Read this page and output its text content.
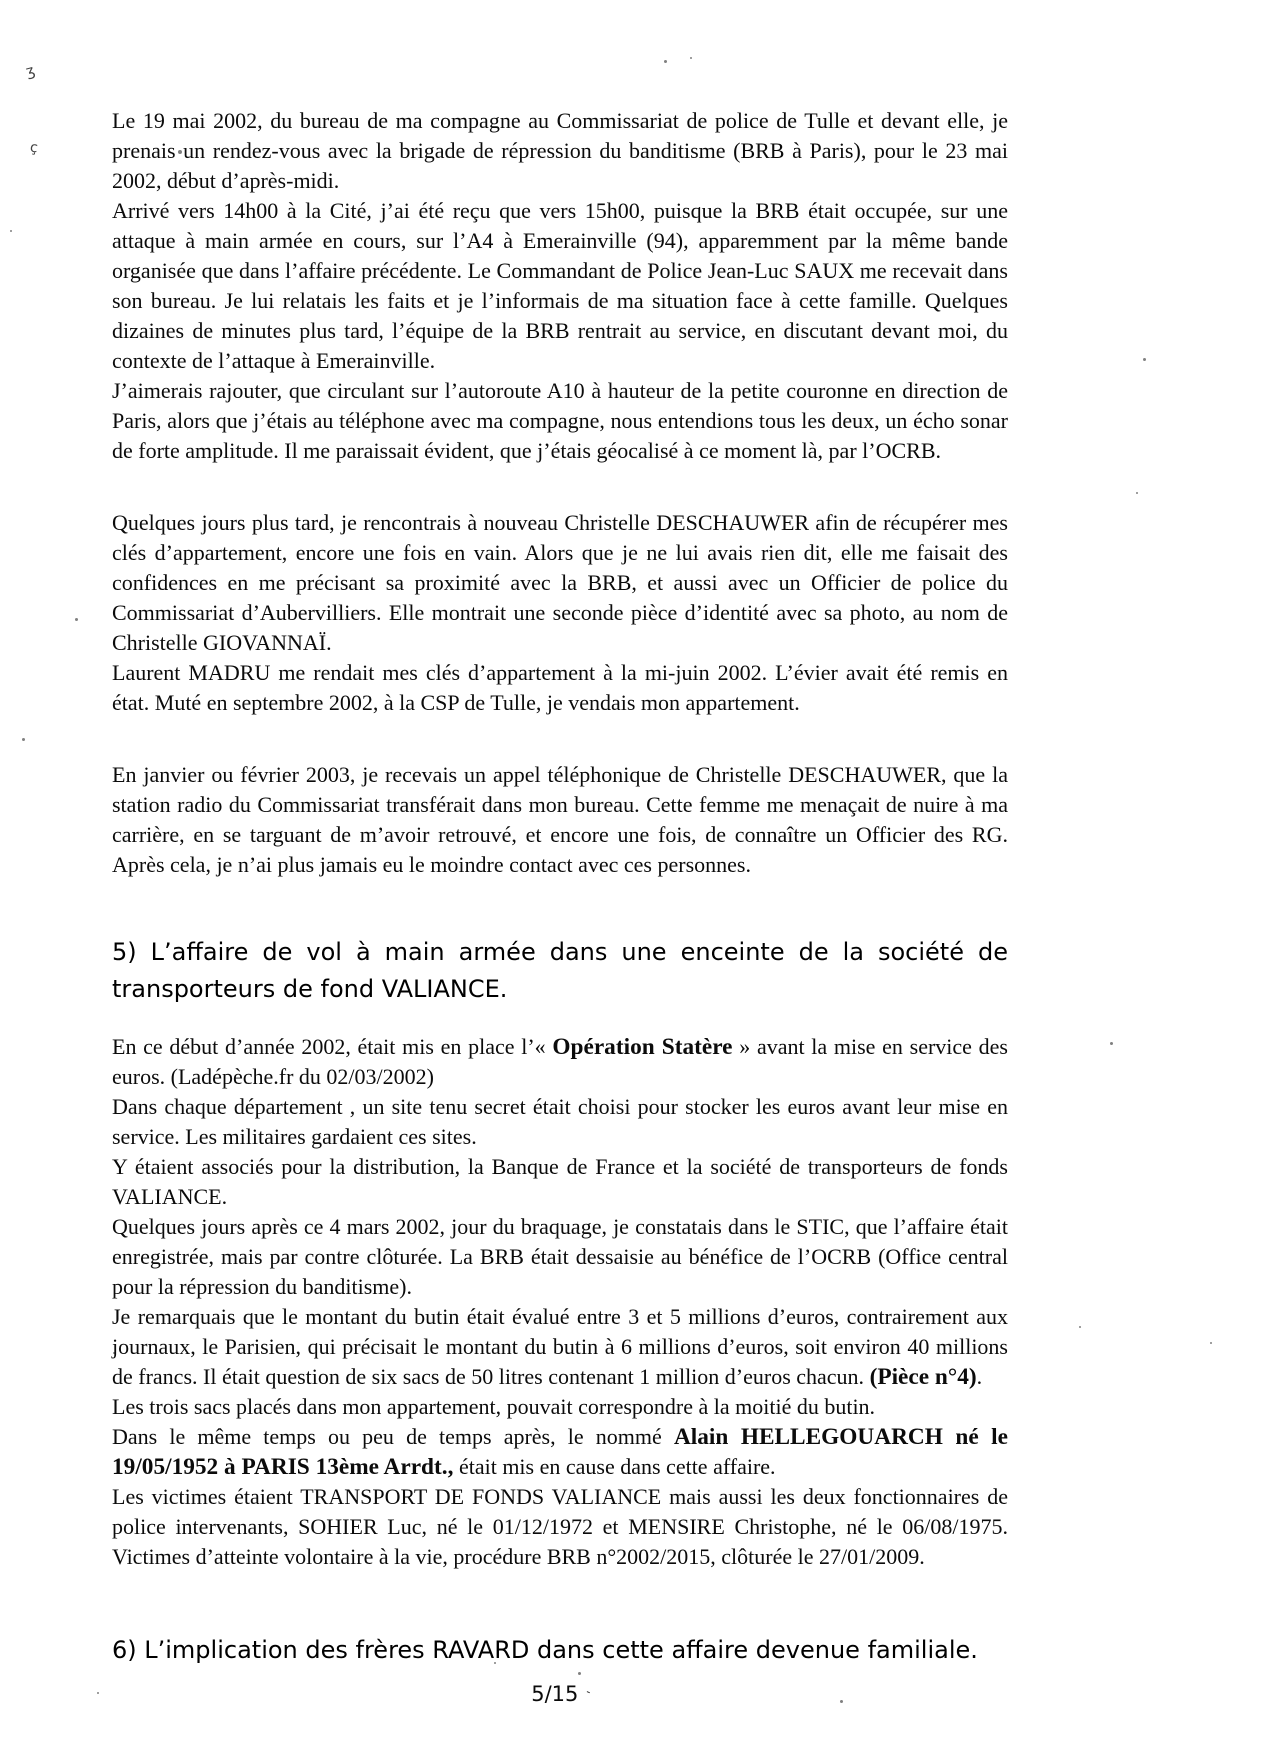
ʒ
ç

Le 19 mai 2002, du bureau de ma compagne au Commissariat de police de Tulle et devant elle, je prenais un rendez-vous avec la brigade de répression du banditisme (BRB à Paris), pour le 23 mai 2002, début d’après-midi.

Arrivé vers 14h00 à la Cité, j’ai été reçu que vers 15h00, puisque la BRB était occupée, sur une attaque à main armée en cours, sur l’A4 à Emerainville (94), apparemment par la même bande organisée que dans l’affaire précédente. Le Commandant de Police Jean-Luc SAUX me recevait dans son bureau. Je lui relatais les faits et je l’informais de ma situation face à cette famille. Quelques dizaines de minutes plus tard, l’équipe de la BRB rentrait au service, en discutant devant moi, du contexte de l’attaque à Emerainville.

J’aimerais rajouter, que circulant sur l’autoroute A10 à hauteur de la petite couronne en direction de Paris, alors que j’étais au téléphone avec ma compagne, nous entendions tous les deux, un écho sonar de forte amplitude. Il me paraissait évident, que j’étais géocalisé à ce moment là, par l’OCRB.

Quelques jours plus tard, je rencontrais à nouveau Christelle DESCHAUWER afin de récupérer mes clés d’appartement, encore une fois en vain. Alors que je ne lui avais rien dit, elle me faisait des confidences en me précisant sa proximité avec la BRB, et aussi avec un Officier de police du Commissariat d’Aubervilliers. Elle montrait une seconde pièce d’identité avec sa photo, au nom de Christelle GIOVANNAÏ.

Laurent MADRU me rendait mes clés d’appartement à la mi-juin 2002. L’évier avait été remis en état. Muté en septembre 2002, à la CSP de Tulle, je vendais mon appartement.

En janvier ou février 2003, je recevais un appel téléphonique de Christelle DESCHAUWER, que la station radio du Commissariat transférait dans mon bureau. Cette femme me menaçait de nuire à ma carrière, en se targuant de m’avoir retrouvé, et encore une fois, de connaître un Officier des RG. Après cela, je n’ai plus jamais eu le moindre contact avec ces personnes.

5) L’affaire de vol à main armée dans une enceinte de la société de transporteurs de fond VALIANCE.

En ce début d’année 2002, était mis en place l’« Opération Statère » avant la mise en service des euros. (Ladépèche.fr du 02/03/2002)

Dans chaque département , un site tenu secret était choisi pour stocker les euros avant leur mise en service. Les militaires gardaient ces sites.

Y étaient associés pour la distribution, la Banque de France et la société de transporteurs de fonds VALIANCE.

Quelques jours après ce 4 mars 2002, jour du braquage, je constatais dans le STIC, que l’affaire était enregistrée, mais par contre clôturée. La BRB était dessaisie au bénéfice de l’OCRB (Office central pour la répression du banditisme).

Je remarquais que le montant du butin était évalué entre 3 et 5 millions d’euros, contrairement aux journaux, le Parisien, qui précisait le montant du butin à 6 millions d’euros, soit environ 40 millions de francs. Il était question de six sacs de 50 litres contenant 1 million d’euros chacun. (Pièce n°4).

Les trois sacs placés dans mon appartement, pouvait correspondre à la moitié du butin.

Dans le même temps ou peu de temps après, le nommé Alain HELLEGOUARCH né le 19/05/1952 à PARIS 13ème Arrdt., était mis en cause dans cette affaire.

Les victimes étaient TRANSPORT DE FONDS VALIANCE mais aussi les deux fonctionnaires de police intervenants, SOHIER Luc, né le 01/12/1972 et MENSIRE Christophe, né le 06/08/1975. Victimes d’atteinte volontaire à la vie, procédure BRB n°2002/2015, clôturée le 27/01/2009.

6) L’implication des frères RAVARD dans cette affaire devenue familiale.

5/15 -
